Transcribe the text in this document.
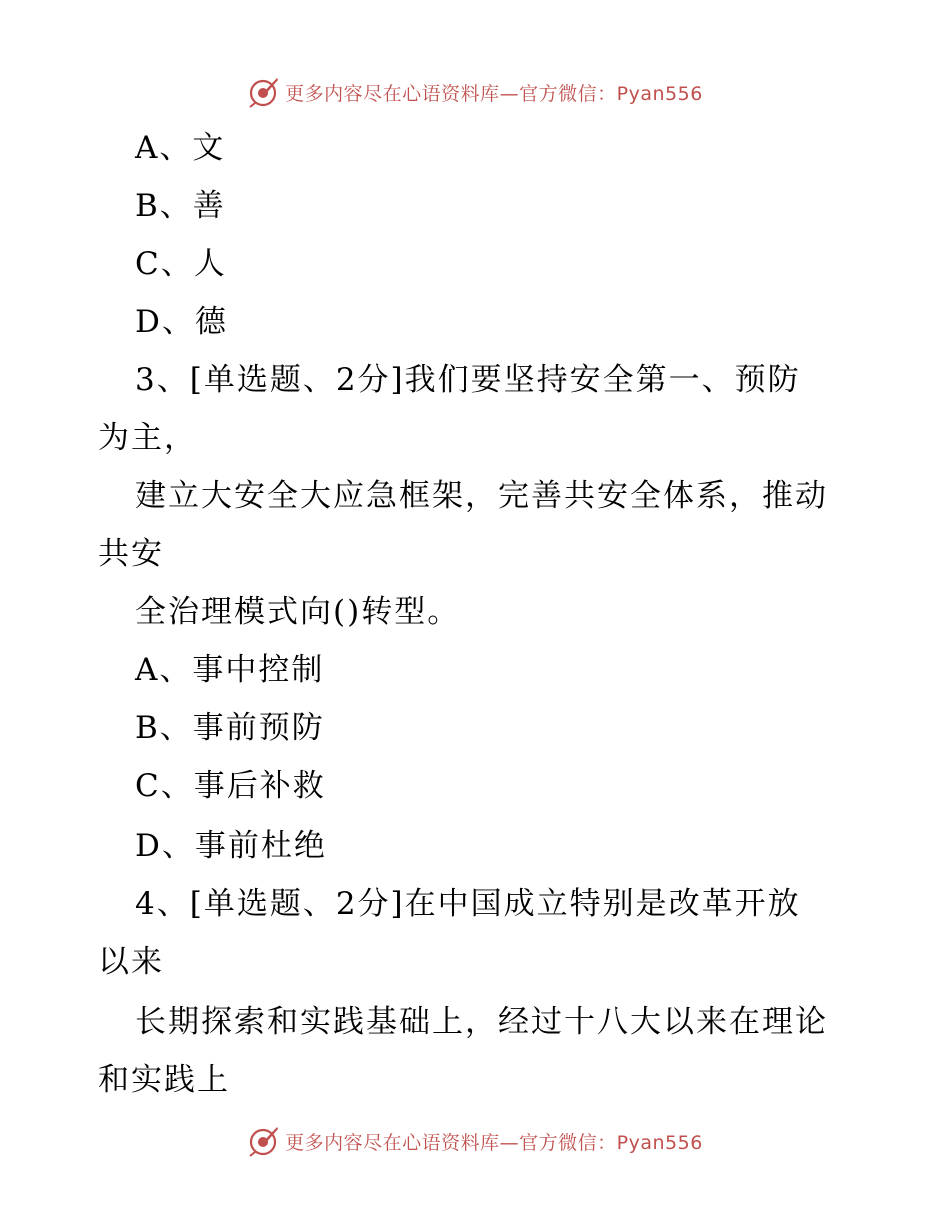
更多内容尽在心语资料库—官方微信：Pyan556
A、文
B、善
C、人
D、德
3、[单选题、2分]我们要坚持安全第一、预防
为主，
建立大安全大应急框架，完善共安全体系，推动
共安
全治理模式向()转型。
A、事中控制
B、事前预防
C、事后补救
D、事前杜绝
4、[单选题、2分]在中国成立特别是改革开放
以来
长期探索和实践基础上，经过十八大以来在理论
和实践上
更多内容尽在心语资料库—官方微信：Pyan556
